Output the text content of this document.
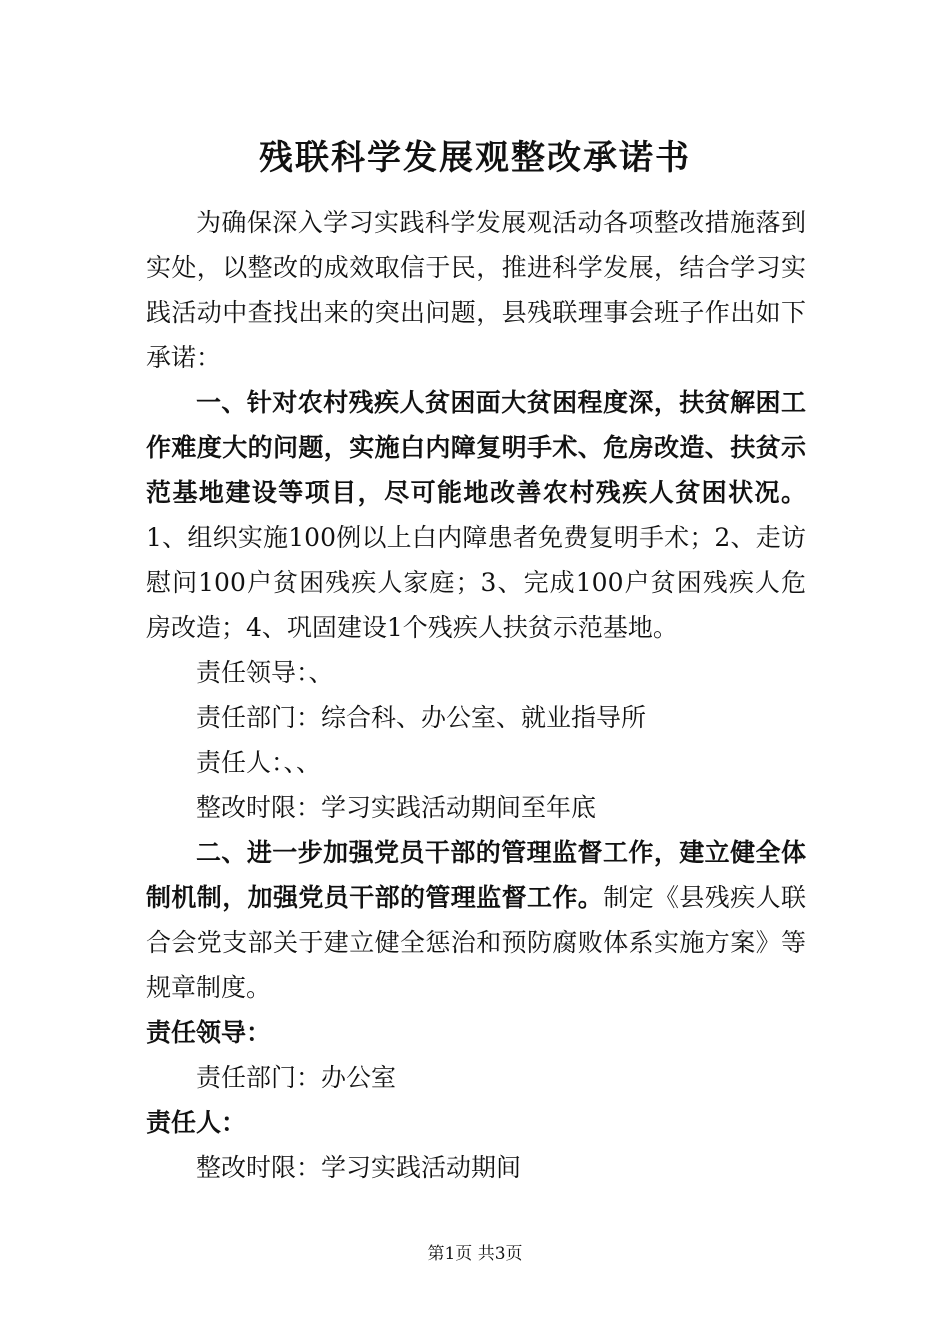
残联科学发展观整改承诺书

为确保深入学习实践科学发展观活动各项整改措施落到实处，以整改的成效取信于民，推进科学发展，结合学习实践活动中查找出来的突出问题，县残联理事会班子作出如下承诺：

一、针对农村残疾人贫困面大贫困程度深，扶贫解困工作难度大的问题，实施白内障复明手术、危房改造、扶贫示范基地建设等项目，尽可能地改善农村残疾人贫困状况。1、组织实施100例以上白内障患者免费复明手术；2、走访慰问100户贫困残疾人家庭；3、完成100户贫困残疾人危房改造；4、巩固建设1个残疾人扶贫示范基地。

责任领导：、

责任部门：综合科、办公室、就业指导所

责任人：、、

整改时限：学习实践活动期间至年底

二、进一步加强党员干部的管理监督工作，建立健全体制机制，加强党员干部的管理监督工作。制定《县残疾人联合会党支部关于建立健全惩治和预防腐败体系实施方案》等规章制度。

责任领导：

责任部门：办公室

责任人：

整改时限：学习实践活动期间

第1页 共3页
